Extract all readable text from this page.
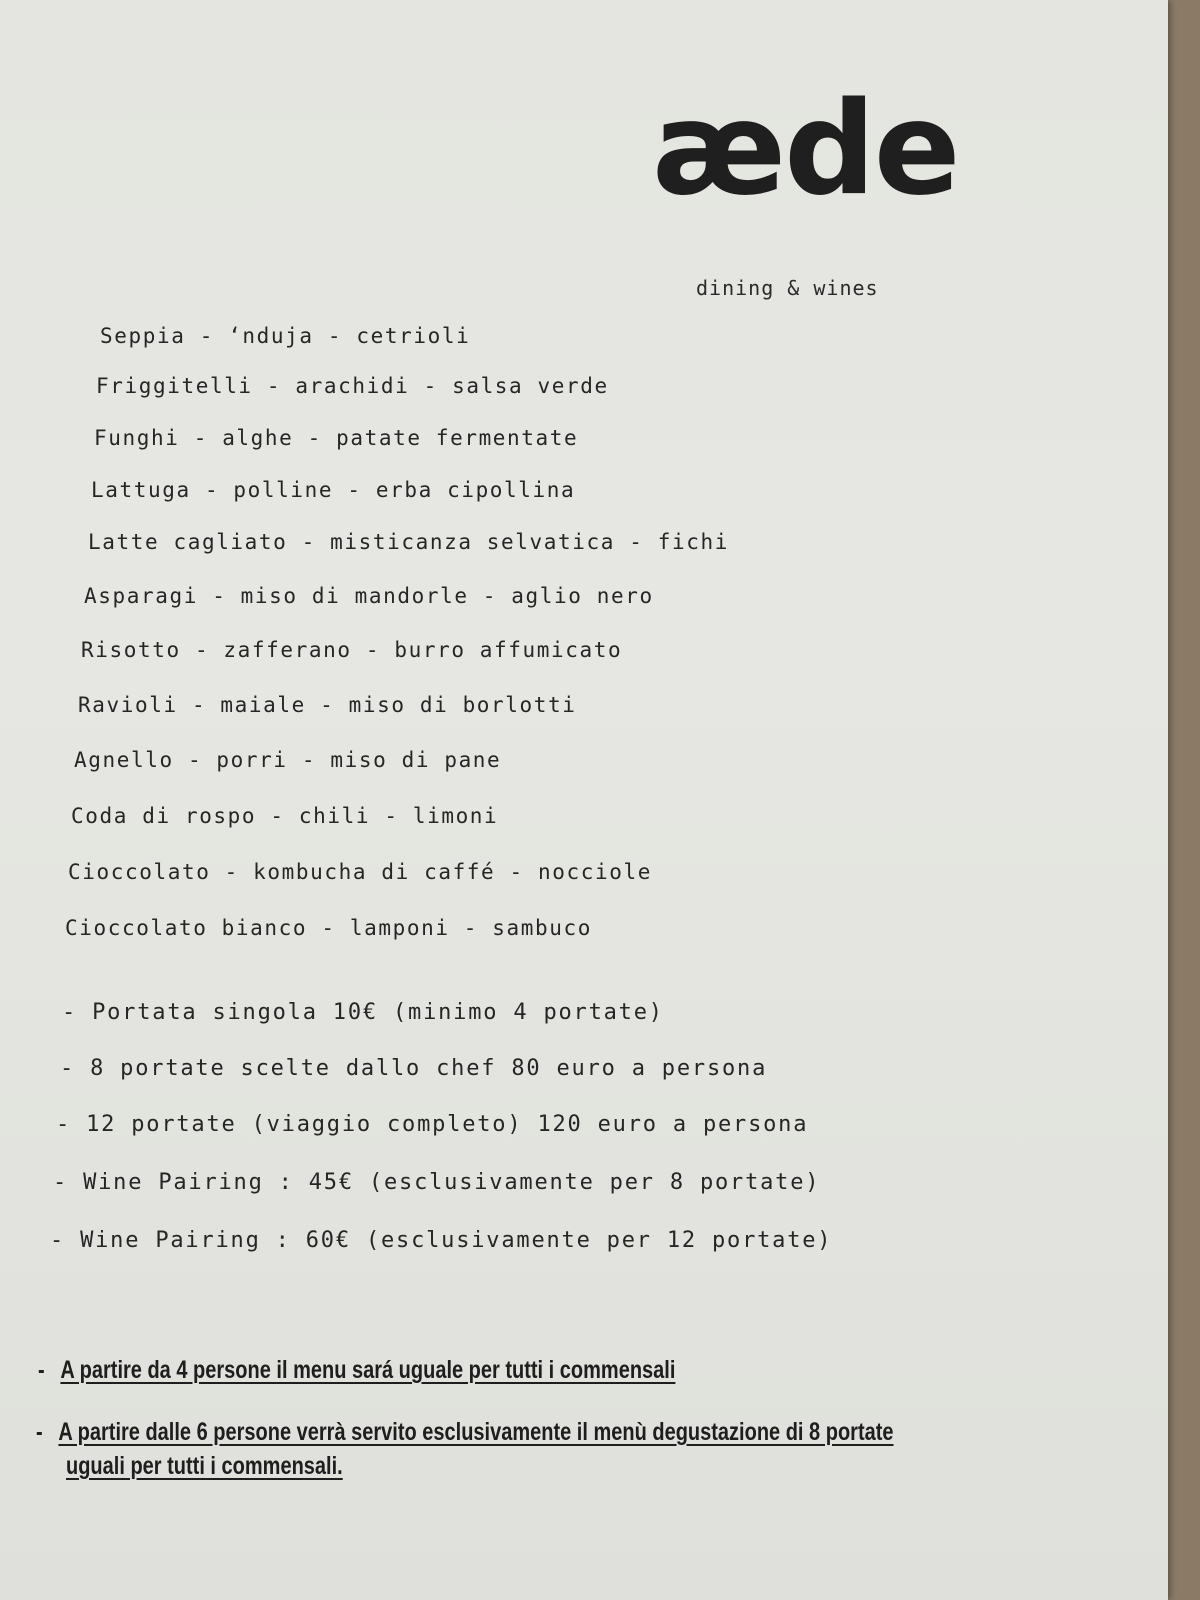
æde
dining & wines
Seppia - ‘nduja - cetrioli
Friggitelli - arachidi - salsa verde
Funghi - alghe - patate fermentate
Lattuga - polline - erba cipollina
Latte cagliato - misticanza selvatica - fichi
Asparagi - miso di mandorle - aglio nero
Risotto - zafferano - burro affumicato
Ravioli - maiale - miso di borlotti
Agnello - porri - miso di pane
Coda di rospo - chili - limoni
Cioccolato - kombucha di caffé - nocciole
Cioccolato bianco - lamponi - sambuco
- Portata singola 10€ (minimo 4 portate)
- 8 portate scelte dallo chef 80 euro a persona
- 12 portate (viaggio completo) 120 euro a persona
- Wine Pairing : 45€ (esclusivamente per 8 portate)
- Wine Pairing : 60€ (esclusivamente per 12 portate)
- A partire da 4 persone il menu sará uguale per tutti i commensali
- A partire dalle 6 persone verrà servito esclusivamente il menù degustazione di 8 portate
uguali per tutti i commensali.
